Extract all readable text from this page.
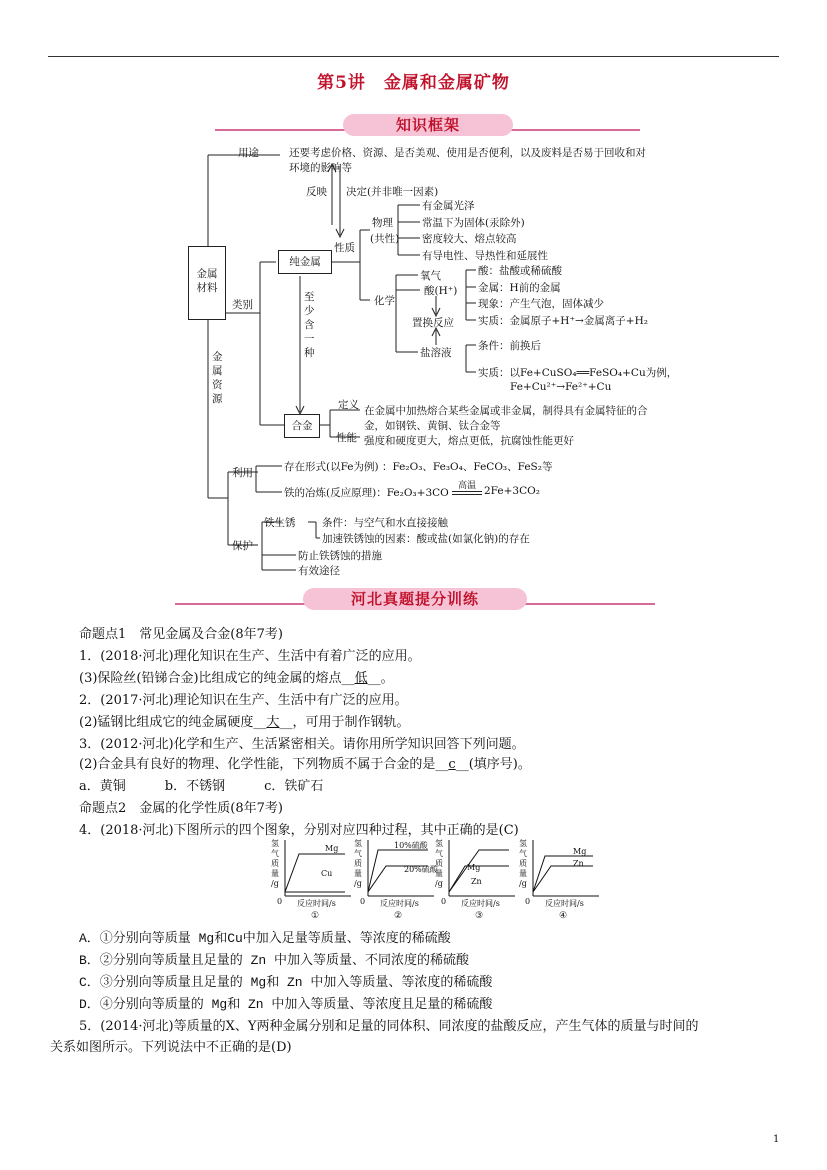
第5讲　金属和金属矿物
知识框架
金属材料
用途	还要考虑价格、资源、是否美观、使用是否便利，以及废料是否易于回收和对
环境的影响等
反映 决定(并非唯一因素)
性质
纯金属
类别
至少含一种
物理
(共性)
有金属光泽
常温下为固体(汞除外)
密度较大、熔点较高
有导电性、导热性和延展性
化学
氧气
酸(H⁺)
置换反应
盐溶液
酸：盐酸或稀硫酸
金属：H前的金属
现象：产生气泡，固体减少
实质：金属原子+H⁺→金属离子+H₂
条件：前换后
实质：以Fe+CuSO₄══FeSO₄+Cu为例，
Fe+Cu²⁺→Fe²⁺+Cu
合金
定义 在金属中加热熔合某些金属或非金属，制得具有金属特征的合
金，如钢铁、黄铜、钛合金等
性能 强度和硬度更大，熔点更低，抗腐蚀性能更好
金属资源
利用	存在形式(以Fe为例) ：Fe₂O₃、Fe₃O₄、FeCO₃、FeS₂等
铁的冶炼(反应原理)：Fe₂O₃+3CO
高温 2Fe+3CO₂
保护
铁生锈	条件：与空气和水直接接触
加速铁锈蚀的因素：酸或盐(如氯化钠)的存在
防止铁锈蚀的措施
有效途径
河北真题提分训练
命题点1　常见金属及合金(8年7考)
1．(2018·河北)理化知识在生产、生活中有着广泛的应用。
(3)保险丝(铅锑合金)比组成它的纯金属的熔点__低__。
2．(2017·河北)理论知识在生产、生活中有广泛的应用。
(2)锰钢比组成它的纯金属硬度__大__，可用于制作钢轨。
3．(2012·河北)化学和生产、生活紧密相关。请你用所学知识回答下列问题。
(2)合金具有良好的物理、化学性能，下列物质不属于合金的是__c__(填序号)。
a．黄铜　　　b．不锈钢　　　c．铁矿石
命题点2　金属的化学性质(8年7考)
4．(2018·河北)下图所示的四个图象，分别对应四种过程，其中正确的是(C)
氢
气
质
量
/g
0 反应时间/s
①
Mg
Cu
氢
气
质
量
/g
0 反应时间/s
②
10%硫酸
20%硫酸
氢
气
质
量
/g
0 反应时间/s
③
Mg
Zn
氢
气
质
量
/g
0 反应时间/s
④
Mg
Zn
A．①分别向等质量 Mg和Cu中加入足量等质量、等浓度的稀硫酸
B．②分别向等质量且足量的 Zn 中加入等质量、不同浓度的稀硫酸
C．③分别向等质量且足量的 Mg和 Zn 中加入等质量、等浓度的稀硫酸
D．④分别向等质量的 Mg和 Zn 中加入等质量、等浓度且足量的稀硫酸
5．(2014·河北)等质量的X、Y两种金属分别和足量的同体积、同浓度的盐酸反应，产生气体的质量与时间的
关系如图所示。下列说法中不正确的是(D)
1
